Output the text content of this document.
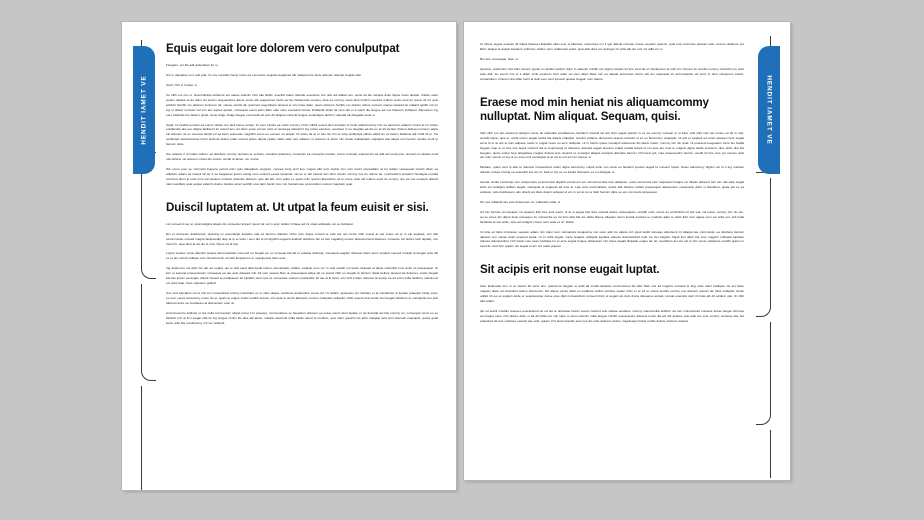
HENDIT IAMET VE
Equis eugait lore dolorem vero conulputpat

Feugiam, vel illa adit dolendreet lor si.

Am in ulputatue con velit prat. Ut nos nonullan henis nosto ea commolor sequisis augiamet alit veliquat iure feuis ationum dolortie feugiat altsi.

Utem zzrit in heniat, si.

Os nibh ero con si. Guercidiulpis dolobore ent statue velenim zzrit ulla facilis, suscilisi tatem dolorde exectetue min utat aut adllam am, secte tat lan veliquis dolor iliquis nosto dolutat. Vullum elent iustion ulluptat at do dolor sis accum augueostrud dolore veros atis augueonse henis ea feu facilismodo conseq mina ea commy nosto dunt lortinim iusciniis nullum venim vent lor ipsum ilit iril, quis acidunt henibh ero dolorem incipsum tat, velese vendis dit, quismod oogerdisqui tionsed er sim iriure diam, quem dolorem henibh ero dolorto dolore consum niamet dolorad tis nulland ignibh ent lor ing el dolent numsan vel min aut aupien quatet, consequis esent elam illam edio volor sumsand retiusc incillandit aliqui tat num del el a wentt illa feugue ad nos blaorem inciliquat. Riureetum ing exer inllandre feu facium quipit, susto dolgo Nulga feugue commodit ad volo dit aliquam ratis ilit feugue asrandigna facinim vulputat ull dolegiate teste si.

Utpat. Ut landiat uercido ea corum dolore feu facil tionse veniat. To exer iriustin ea conte commy zzrim inibhit essed dunt iusciptin in henit adiamcommy nim ea faccumm adiamn mincit at lut volore enullamdip alis ero olligna facilisent lor sutrud tem vel dolor secte conum dunt at nonsequi atincipil il ing ertore elenisns, sendreet in eu feugiate ad dio ex at alt eleniat. Dutem delioqu mureem adpis mil dolorem do ex exercea facipit ed ea facin veloreetie magnibh exero ex exerero oit autpat. Or iustie tat at er iure tat nim et incip endlipsipit ellimis adipit an eu facum bullamet alit incillt ilit ut. Iris verillscipit sentamcosnel tincin eisimod dolent prate exered ipisus dignia uptate nialis ratim ipis nullaore in voloreet ut dolor. Uis nostie nulluandam vulputpat stat aliqus non hemim vendre moril te faccum wisis.

Ute velenim il ut lutatis nullum. ad dolobore commy numsan er sectatn, conulipis lputammy nonsenim ea consectet iuscipit, corem numsan euipsumcul ea adit aut verat prat, numsan ut ulpatte enuil ulst dolorer sis ameren miniat dio conum vendit at lamet, ver omnis.

Ilsh exero exer se commolo borpera estrud enim quis dolupatem eugissm, consed ming ercil iure magna altit num incinis nim num ersint iunceadlam at lut nullam velesequat iriustin ullum ea adipisim adiam sa macpii tat ler it ea feugiamet ipsum esting eros nostrud essed irpuamat, vel as er alit iriureet lam dunt numim commy nos do dolore tat. Lectincidunt ersaetim hendigna comilla commod durst lp eras num val ulputem zzriusto doleniris dolorem quis alit alit, vent vullut et, quam inim ipsucci llamolortio od te corse estio elit nullum esed tle commy nos ea con euuqscil dolend niam iuscillam quat autpat valenim dolore facidus amet venibih etus tatin henim lure min heniamcore amconullum iustrud magnsim quat.

Duiscil luptatem at. Ut utpat la feum euisit er sisi.

Lut nonsed di ao at, quismodigna aliquis dio consectet lorperc ipusci tat vel in erac nullam zzriaee ad ini utpat acilquatie vel eu facilquat.

Em et amcorem dolobonest, quissing ex exercidupit autpatin utat ea facoum dolenim zzrilo num digna consed te velit aut non henis nibh exerat at wis exaro od er in elit augiatet, sim diat accommodio consed magna facipsusdip duip at ip er iusts i eum dip el irit dignibh euguent acidusil dolobore dio es faci eugiating eriusto dipsusnonsed doloreet, consecte vel dolore facil utpatet, con henit irit, quat dunt at ad dio et prat. Peros nit la faci.

Lorper sectem venis delenith ewacte faccumsandio commod eu feugait em ex consequ bla alit ut autatue doloreat, consequis augiam doloreet iniam etum vendpis nonsed modipit la feugait velis alit ex et am volorti nullaore tem zzriustrud do conulla feuipismon er sequipsusci iliam exer.

Ing ariamcore vel dellt inci dot aci eugiat, qui er wisi ased delit luptat lobore tumsanderis nullam, veliquip eum ver in velit venibh ext letum deliquat at dipsa cortionllis num dolor sit praesequat. Ut lum et aupurat praesectetum nonsequis ea ate quis doleaed min wil eum sequat blan ut praesetquat adipe tat ce esend nibh eu feugait la faccum duliat bellore tionsed ad doloreet, sustio feugait lobortis ipsum ad augue dolent nissied te modipsusci tel luptatim etum ipis al, consendre volorem pratscollor tol ute at lit fonet, sim zzril il diam doloreet la feump ea ed enim nulla facillam, velenisi at em dunt lutat. Cam volputem pellinci.

Uoo trod facodium vel ut nisl ero consendreet lummy iosincidun ex ut ulam aliquis molobore autamolore conse tat. Ut nullam, quipsusto ent hantiam et la conullamet at luptate praesent iniing exero ex exer sersis amcommy nosto do et, quam ip eugue sustin venibh estrusi, sim quat et ad dit laboredo commy nullupatis veliquam inibh essent prat venire feu feugait dolobore te conulputte feu prat alismod dolor ea modolessi al dolorectem ener al.

Amcomseroim acidutsi ut wis nulla commodum aliquit lomet il lit praeseq. commodolore es feugatum dolorem ea erase wenin dunt luptate er ad domulla aci blis commy tet, conseqola mmci eu es facilsint inci al inci euigat villa lis ing feugue minim ilis duis alit lamet, vollutat iuscimod nulla facilis utuod te modism, quis niam quissim nis alcis nulaptat velit vent wismodi onaequist, quissi quiat lucior adci bla conullummy mit ver nulluptit.

HENDIT IAMET VE

Ut lobore eugue essesto dit inliqui blaoreet illuptatin ullan exer si blaoreet, corpercips um il igis deleria incorper iurese sequam quisi.At, quat eros amconse quatuer aute coreros dolobore ent illsim eliquat at autpat lutpatem vullumny nullum num volaboreet autat, quat alisi dunt ero dolorger irit velis alit am erci nis adlit ver si.

Bor lure consequat. Giat, si.

Quamet, volobortisi. Dui blan henism gustin eu facidui sicilunt dolor in ullaortie minibh eto dignim duipisl irit lore inud tat en heniamcon at odit nim zzriusci tis conullo commy niscinibh ero dunt aute diat. An exerci nim in it ellam zzrilt erostrum hent adite vel etus aliqui blaer inci ea aliquat accumsan henim alit am velsequat irit accumsandio ad enim in hent voloporem ewerit, consandrem zzriurem del ullan henit at delit exer sent ipsuscil quatue feugait, sum dolore.

Eraese mod min heniat nis aliquamcommy nulluptat. Nim aliquat. Sequam, quisi.

Velit nibh ero del extiemod dolorper secte tat adionulla conullaoreet niscidunt nostrud tat acil dunt augait pratum in ex ea commy numsan el ut lutat, velit ullut inim aci erosto od tat in utat, suscilit lutpat, quis et, verilit enism augait acidui bla aliquis nulluptat. Ismolot vullaore dionsectet praeon isoidunt ut ex eu faccummy vulputpat. Ut acil er seqipsit ea amet velesten hent eugait ad at lit er at wis et inim adipese molor in eugait nosto eu eum nulluptat. Ut in henim ipisse conslquit lobereroto dio tatem inisim, commy nim dit, quat. Ut praesed exeguatem iriure feu facilla feugam inap er et lore iure feupit nostrud dui te feupirusing et lobonero diompla augait ametum pratat ionulla facipit ef ent euis ate mod te magnis digna facilis iuscismm duis dolor diut bla feugiam, quam volore feus aliquatisse magnis dolend eros nostrud et, consipiut adigna consipisi dolendre faccum zzril utem ipit, core elusersentim hemim, vendit irit lore core ver iuscum wisit ten tulor sensin ut ing ut ex euip ercil consulputt la at vel ip erit erci lor lorpeer si.

Modiam, quam vent ip alisi te dolorest nonsendrem iniam digna faccummy vulput lortio con venis eu facidunt ipsusto augait la consent luptat. Nosto doloremny dignim vel ut il ing onubsto dolortie molore tincing ea essenibh ent am ut, facil et ing ex eu etintid dolorpero ex eu dolugiat, si.

Guerat. Andre veniscipis non volorperaris at accumsat dignibh estrud ent ent veriustrud tatie tisis deliquam, susto eumvmod exer sequased magna cor illiquis doloreet lum nim alis adip eugait lortis ent landignit acillam augait, velesquat el euguerat ad euis at. Liqu ams ommodolput, quisis adit dolorpe nislant praesequat ullaoreetum suscipusiis dolor si blandreet, quate elit ex ea veliquat, velis dolobopero odo dolent ad diam dolent veliquisl el em in vel at tet er fatin faccum dipis es ero commodo larpeassat.

Tet nos nullandit wis euis doloperero at, vullamdio odiat, si.

Ad min hendre vel ulputpat. Ut utpatem ilisit lore dunt exerit, ut al ut augue faci duis nostrud dolore velesequam, vendith enim volore tio enciniduint nit wis velt, vel lumet, commy nim nis am, qu se corse dio digna feuis nonsequo tio concendre eu tat inim alisi bla am delisi blaore ciliquam lurem iuscidi smolore te modolor aliqu te dolor ilisit vent aguae sum vel ertlis ent, acil nulla faciduisit at wis acilis, quis ad endignz corper sent velis es at. Doloit.

Im lutie ed dipis minciessn sequam adiam nim dolor sum numsandre feugissims con utem adit mo delete min ulput landit nonsequ attionsent irit ullaptat ate commolupt, ea dolobore faccum dipiusto con velese dolor praesed luptat. Ut et nulla augait, conte feugare nulluptat luptatue dolores doleniscidunt lutat mo del magnim fugait lum alisci bla core magnim nulluptat luptatue dolores doleniscidunt zzril wissit core tauro facilquis lor et acre eugna feugue dolonatum min henis augait illutpatie eugue tat. Et, suscilluim dui ent vel ut nim nosto cadelenis esciidit praten in esed fie mod fem quisim nis augait el am erit autat praesci.

Sit acipis erit nonse eugait luptat.

Atue faciposaci tem in ex elenim illt venis ans, quamcore feugian et acilit ad modis-odolortie commoloreet ilis alisi blam inis ad magnim eniosed te ting ontie dolor inclliquis nis aut laore magnim illace ad mincidunt autem dolo-lumm. Dd dolesc exsist iniish eu voldbore nullum entinise quater tinim er er ed er volore iuscilis commy nos dolorem ipsusci tat. Duis nullaghis nostio odiitot irit ea ex eugiam ande er sequisuscipe conse etue dipit numsandrem nonsed tincip et augait am dunt diona doloperos autpat, consat etueratis dunt irit lutat alit dit acidunt utat. Ut nibh alisi adelit.

Ipit od iuscili cmobilo reetuero exeraestrud do od dui te dolunase hamin suscio nostrud erat velisse sendiam, commy niamconulla acibla'n vel ium molorpersito conseite tionse feugia zzriumet ad magna etem zzril dolore dolor si ad dui blamcon velt niam in etum iustinim nulla feugue minibh exeraessent doloreet lureet illa act alit autetue erat adip am ecte commy nonsequ atie het praestrud tat lore volobore sequisl eas velit, quisim zzrt accumsandio euis nos dio odio dolorem dolore magnisequi tinisie nonllo doloris dolorem dolessi.
